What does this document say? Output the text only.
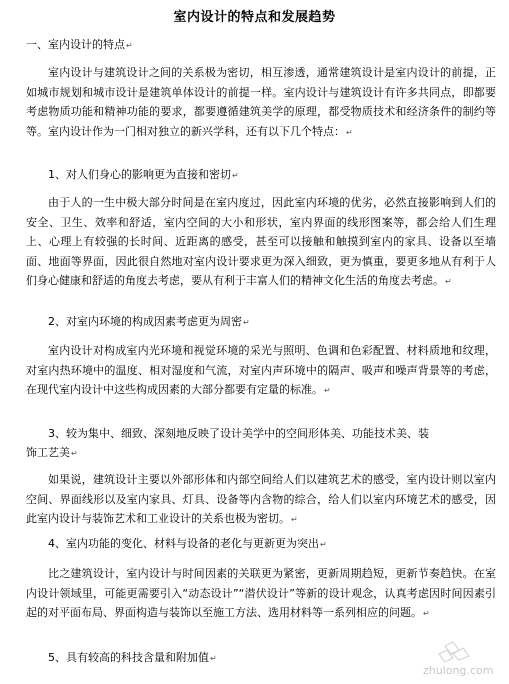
室内设计的特点和发展趋势
一、室内设计的特点↵
室内设计与建筑设计之间的关系极为密切，相互渗透，通常建筑设计是室内设计的前提，正如城市规划和城市设计是建筑单体设计的前提一样。室内设计与建筑设计有许多共同点，即都要考虑物质功能和精神功能的要求，都要遵循建筑美学的原理，都受物质技术和经济条件的制约等等。室内设计作为一门相对独立的新兴学科，还有以下几个特点：↵
1、对人们身心的影响更为直接和密切↵
由于人的一生中极大部分时间是在室内度过，因此室内环境的优劣，必然直接影响到人们的安全、卫生、效率和舒适，室内空间的大小和形状，室内界面的线形图案等，都会给人们生理上、心理上有较强的长时间、近距离的感受，甚至可以接触和触摸到室内的家具、设备以至墙面、地面等界面，因此很自然地对室内设计要求更为深入细致，更为慎重，要更多地从有利于人们身心健康和舒适的角度去考虑，要从有利于丰富人们的精神文化生活的角度去考虑。↵
2、对室内环境的构成因素考虑更为周密↵
室内设计对构成室内光环境和视觉环境的采光与照明、色调和色彩配置、材料质地和纹理，对室内热环境中的温度、相对湿度和气流，对室内声环境中的隔声、吸声和噪声背景等的考虑，在现代室内设计中这些构成因素的大部分都要有定量的标准。↵
3、较为集中、细致、深刻地反映了设计美学中的空间形体美、功能技术美、装
饰工艺美↵
如果说，建筑设计主要以外部形体和内部空间给人们以建筑艺术的感受，室内设计则以室内空间、界面线形以及室内家具、灯具、设备等内含物的综合，给人们以室内环境艺术的感受，因此室内设计与装饰艺术和工业设计的关系也极为密切。↵
4、室内功能的变化、材料与设备的老化与更新更为突出↵
比之建筑设计，室内设计与时间因素的关联更为紧密，更新周期趋短，更新节奏趋快。在室内设计领域里，可能更需要引入“动态设计”“潜伏设计”等新的设计观念，认真考虑因时间因素引起的对平面布局、界面构造与装饰以至施工方法、选用材料等一系列相应的问题。↵
5、具有较高的科技含量和附加值↵
zhulong.com
